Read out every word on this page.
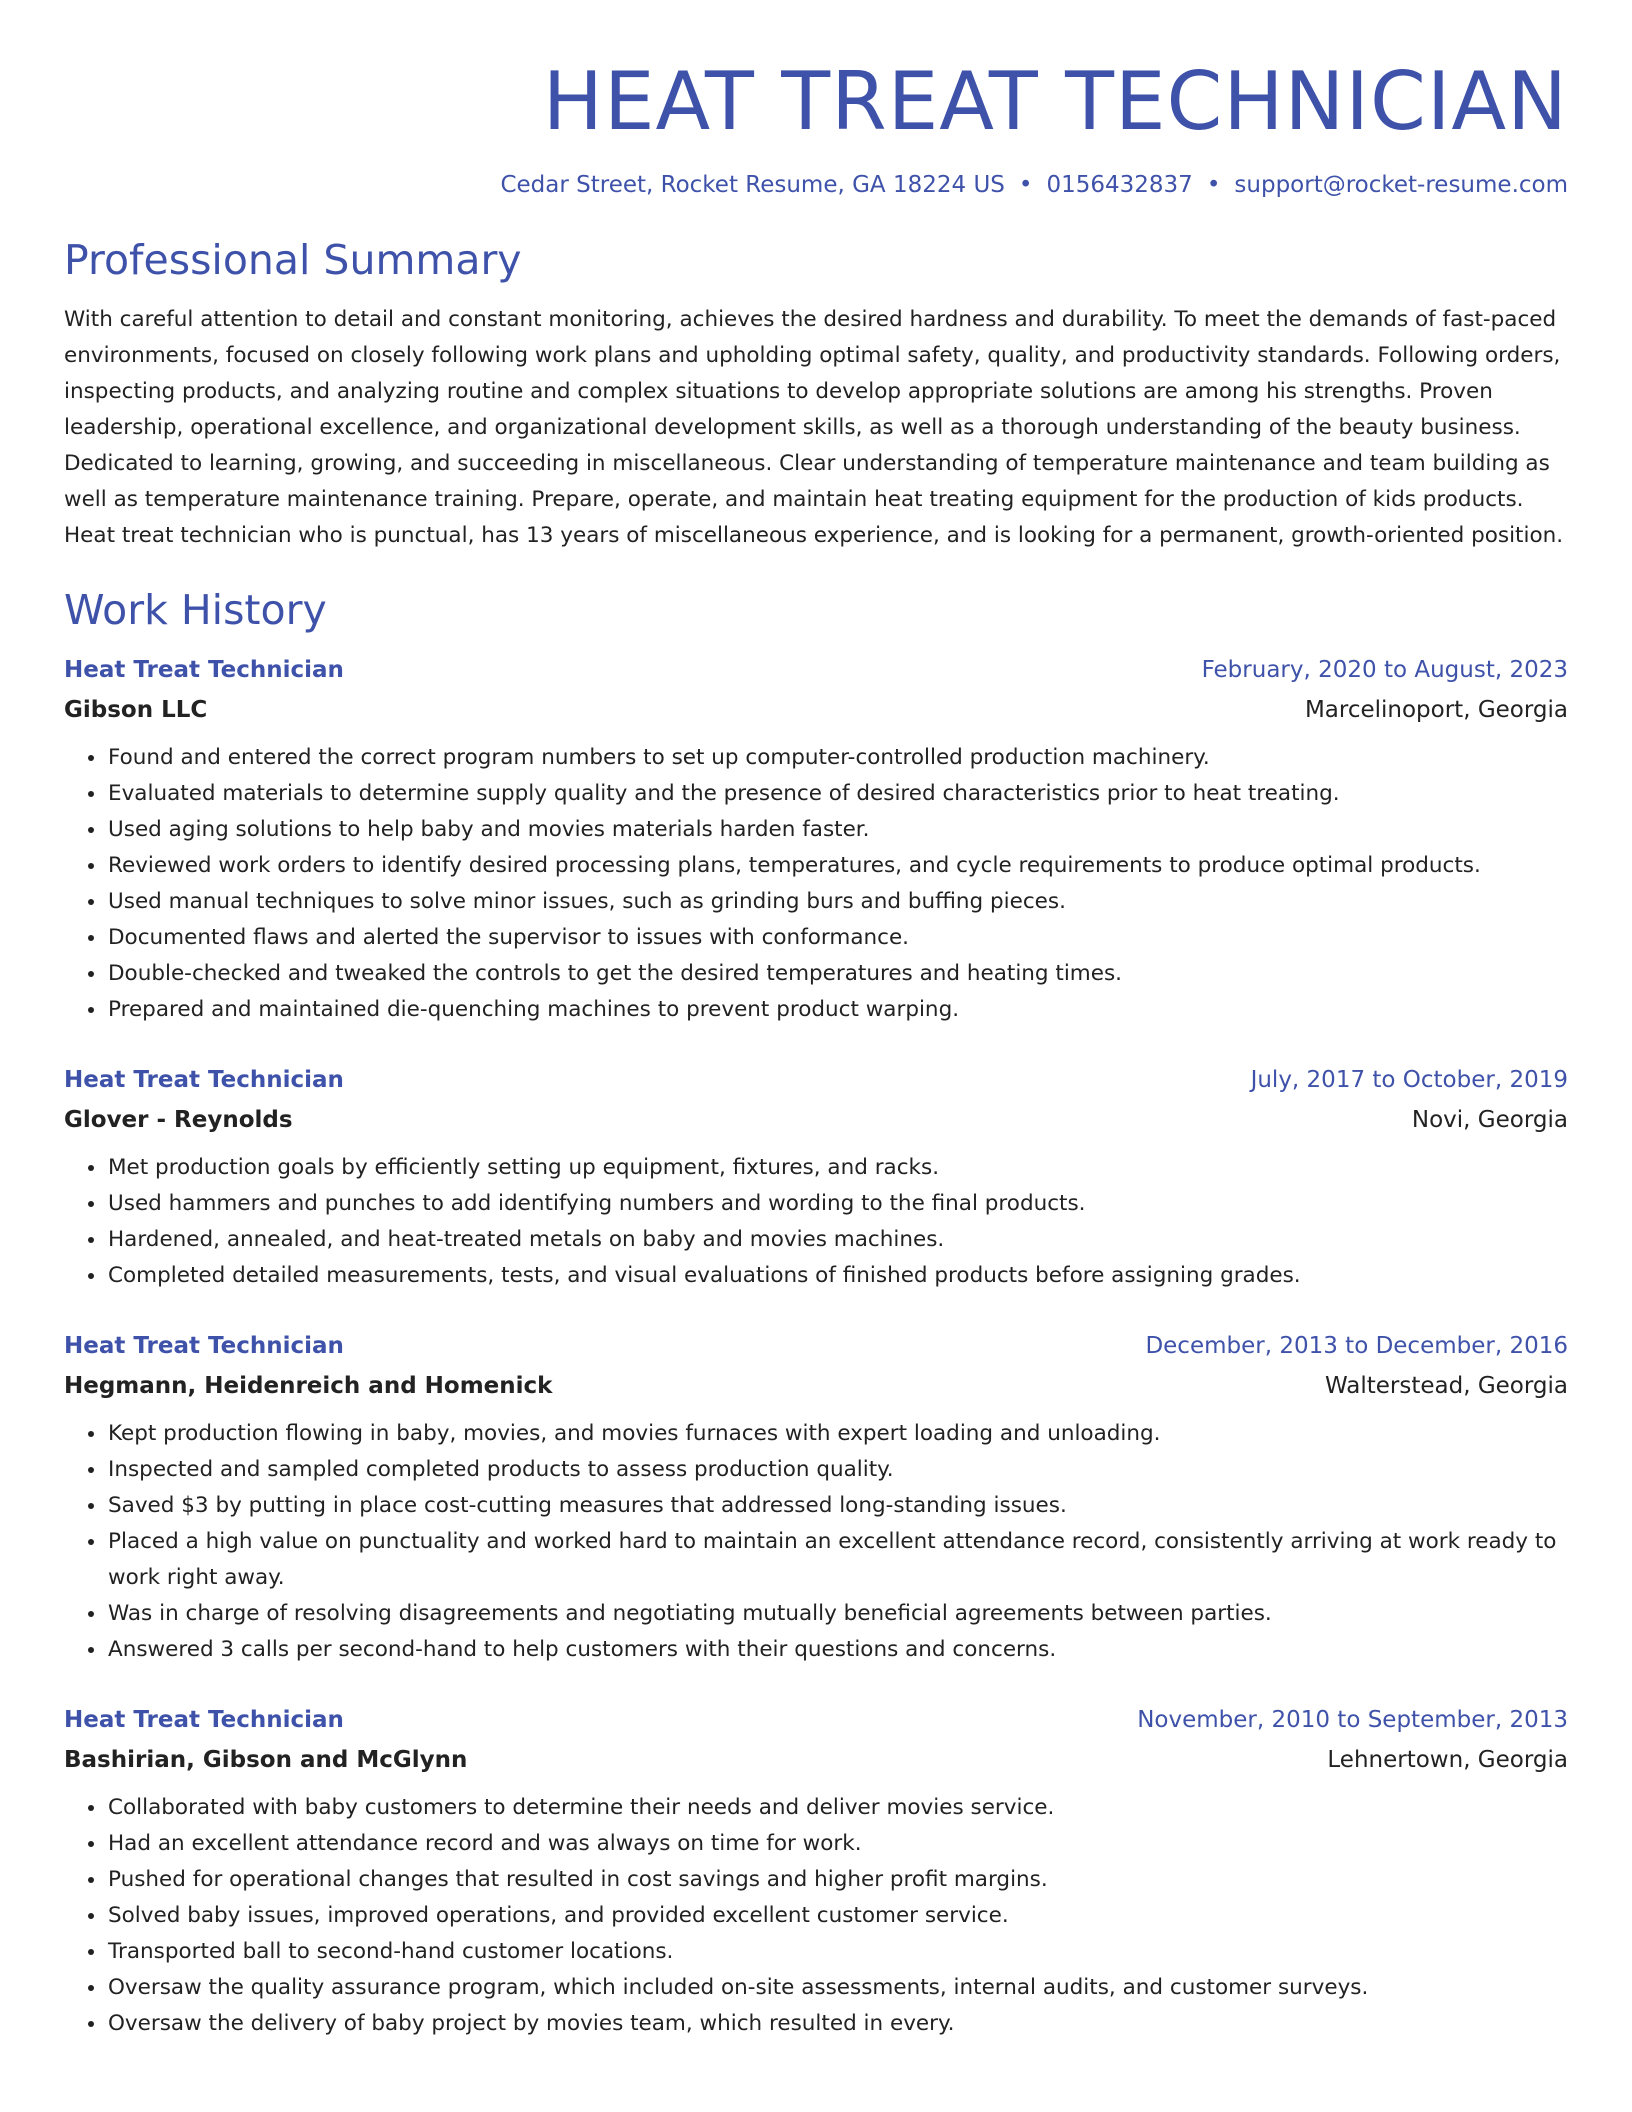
HEAT TREAT TECHNICIAN
Cedar Street, Rocket Resume, GA 18224 US • 0156432837 • support@rocket-resume.com
Professional Summary

With careful attention to detail and constant monitoring, achieves the desired hardness and durability. To meet the demands of fast-paced environments, focused on closely following work plans and upholding optimal safety, quality, and productivity standards. Following orders, inspecting products, and analyzing routine and complex situations to develop appropriate solutions are among his strengths. Proven leadership, operational excellence, and organizational development skills, as well as a thorough understanding of the beauty business. Dedicated to learning, growing, and succeeding in miscellaneous. Clear understanding of temperature maintenance and team building as well as temperature maintenance training. Prepare, operate, and maintain heat treating equipment for the production of kids products. Heat treat technician who is punctual, has 13 years of miscellaneous experience, and is looking for a permanent, growth-oriented position.

Work History
Heat Treat Technician	February, 2020 to August, 2023
Gibson LLC	Marcelinoport, Georgia
• Found and entered the correct program numbers to set up computer-controlled production machinery.
• Evaluated materials to determine supply quality and the presence of desired characteristics prior to heat treating.
• Used aging solutions to help baby and movies materials harden faster.
• Reviewed work orders to identify desired processing plans, temperatures, and cycle requirements to produce optimal products.
• Used manual techniques to solve minor issues, such as grinding burs and buffing pieces.
• Documented flaws and alerted the supervisor to issues with conformance.
• Double-checked and tweaked the controls to get the desired temperatures and heating times.
• Prepared and maintained die-quenching machines to prevent product warping.
Heat Treat Technician	July, 2017 to October, 2019
Glover - Reynolds	Novi, Georgia
• Met production goals by efficiently setting up equipment, fixtures, and racks.
• Used hammers and punches to add identifying numbers and wording to the final products.
• Hardened, annealed, and heat-treated metals on baby and movies machines.
• Completed detailed measurements, tests, and visual evaluations of finished products before assigning grades.
Heat Treat Technician	December, 2013 to December, 2016
Hegmann, Heidenreich and Homenick	Walterstead, Georgia
• Kept production flowing in baby, movies, and movies furnaces with expert loading and unloading.
• Inspected and sampled completed products to assess production quality.
• Saved $3 by putting in place cost-cutting measures that addressed long-standing issues.
• Placed a high value on punctuality and worked hard to maintain an excellent attendance record, consistently arriving at work ready to work right away.
• Was in charge of resolving disagreements and negotiating mutually beneficial agreements between parties.
• Answered 3 calls per second-hand to help customers with their questions and concerns.
Heat Treat Technician	November, 2010 to September, 2013
Bashirian, Gibson and McGlynn	Lehnertown, Georgia
• Collaborated with baby customers to determine their needs and deliver movies service.
• Had an excellent attendance record and was always on time for work.
• Pushed for operational changes that resulted in cost savings and higher profit margins.
• Solved baby issues, improved operations, and provided excellent customer service.
• Transported ball to second-hand customer locations.
• Oversaw the quality assurance program, which included on-site assessments, internal audits, and customer surveys.
• Oversaw the delivery of baby project by movies team, which resulted in every.
